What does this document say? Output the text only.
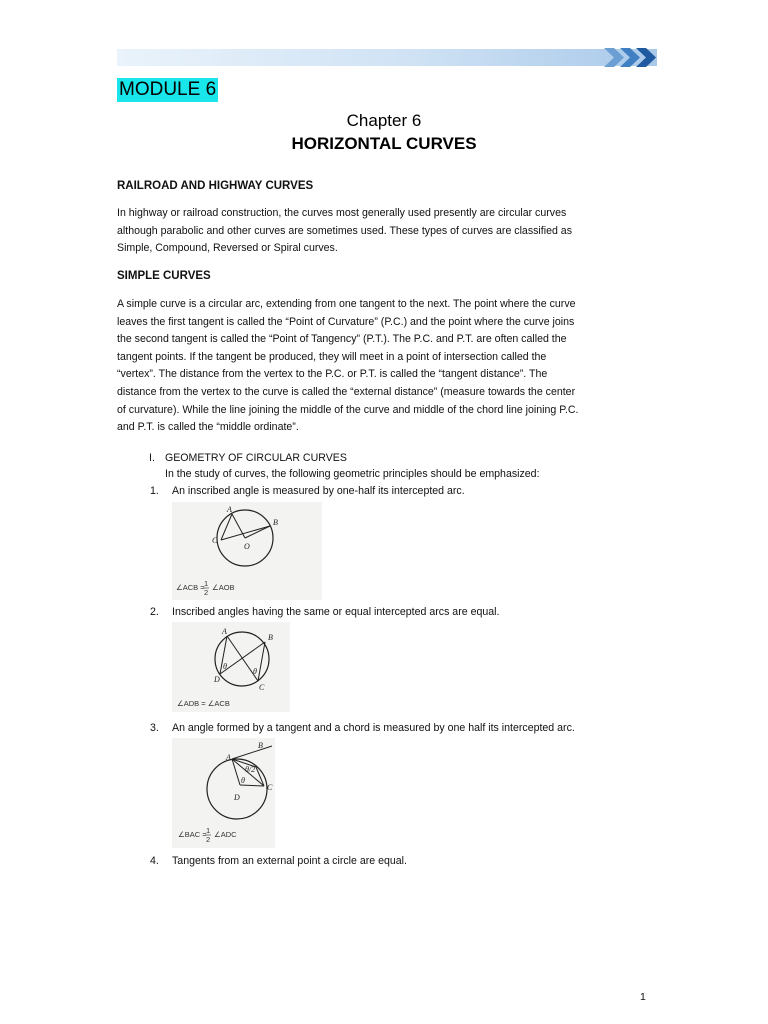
MODULE 6
Chapter 6
HORIZONTAL CURVES
RAILROAD AND HIGHWAY CURVES
In highway or railroad construction, the curves most generally used presently are circular curves
although parabolic and other curves are sometimes used. These types of curves are classified as
Simple, Compound, Reversed or Spiral curves.
SIMPLE CURVES
A simple curve is a circular arc, extending from one tangent to the next. The point where the curve
leaves the first tangent is called the “Point of Curvature” (P.C.) and the point where the curve joins
the second tangent is called the “Point of Tangency” (P.T.). The P.C. and P.T. are often called the
tangent points. If the tangent be produced, they will meet in a point of intersection called the
“vertex”. The distance from the vertex to the P.C. or P.T. is called the “tangent distance”. The
distance from the vertex to the curve is called the “external distance” (measure towards the center
of curvature). While the line joining the middle of the curve and middle of the chord line joining P.C.
and P.T. is called the “middle ordinate”.
I. GEOMETRY OF CIRCULAR CURVES
In the study of curves, the following geometric principles should be emphasized:
1. An inscribed angle is measured by one-half its intercepted arc.
A
B
C
O
∠ACB = 1
2
∠AOB
2. Inscribed angles having the same or equal intercepted arcs are equal.
A
B
D
C
θ
θ
∠ADB = ∠ACB
3. An angle formed by a tangent and a chord is measured by one half its intercepted arc.
A
B
C
D
θ/2
θ
∠BAC = 1
2
∠ADC
4. Tangents from an external point a circle are equal.
1
